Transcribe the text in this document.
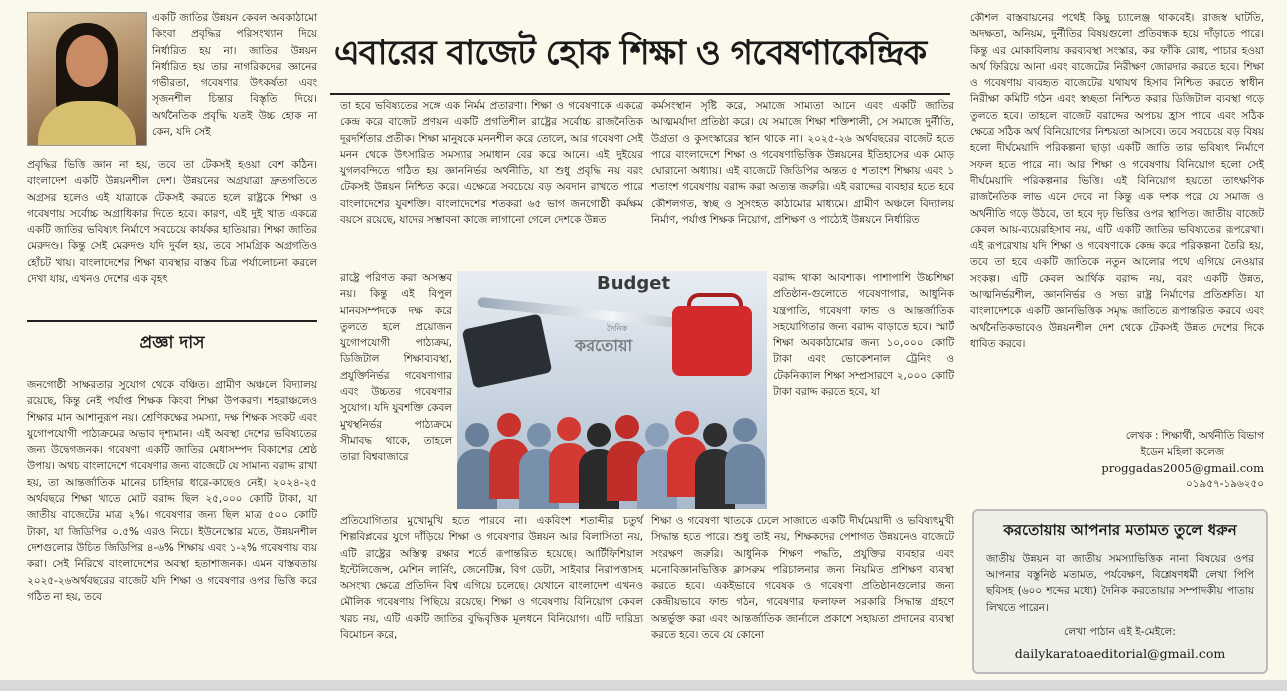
একটি জাতির উন্নয়ন কেবল অবকাঠামো কিংবা প্রবৃদ্ধির পরিসংখ্যান দিয়ে নির্ধারিত হয় না। জাতির উন্নয়ন নির্ধারিত হয় তার নাগরিকদের জ্ঞানের গভীরতা, গবেষণার উৎকর্ষতা এবং সৃজনশীল চিন্তার বিস্তৃতি দিয়ে। অর্থনৈতিক প্রবৃদ্ধি যতই উচ্চ হোক না কেন, যদি সেই
প্রবৃদ্ধির ভিত্তি জ্ঞান না হয়, তবে তা টেকসই হওয়া বেশ কঠিন। বাংলাদেশ একটি উন্নয়নশীল দেশ। উন্নয়নের অগ্রযাত্রা দ্রুতগতিতে অগ্রসর হলেও এই যাত্রাকে টেকসই করতে হলে রাষ্ট্রকে শিক্ষা ও গবেষণায় সর্বোচ্চ অগ্রাধিকার দিতে হবে। কারণ, এই দুই খাত একত্রে একটি জাতির ভবিষ্যৎ নির্মাণে সবচেয়ে কার্যকর হাতিয়ার। শিক্ষা জাতির মেরুদণ্ড। কিন্তু সেই মেরুদণ্ড যদি দুর্বল হয়, তবে সামগ্রিক অগ্রগতিও হোঁচট খায়। বাংলাদেশের শিক্ষা ব্যবস্থার বাস্তব চিত্র পর্যালোচনা করলে দেখা যায়, এখনও দেশের এক বৃহৎ
প্রজ্ঞা দাস
জনগোষ্ঠী সাক্ষরতার সুযোগ থেকে বঞ্চিত। গ্রামীণ অঞ্চলে বিদ্যালয় রয়েছে, কিন্তু নেই পর্যাপ্ত শিক্ষক কিংবা শিক্ষা উপকরণ। শহরাঞ্চলেও শিক্ষার মান আশানুরূপ নয়। শ্রেণিকক্ষের সমস্যা, দক্ষ শিক্ষক সংকট এবং যুগোপযোগী পাঠ্যক্রমের অভাব দৃশ্যমান। এই অবস্থা দেশের ভবিষ্যতের জন্য উদ্বেগজনক। গবেষণা একটি জাতির মেধাসম্পদ বিকাশের শ্রেষ্ঠ উপায়। অথচ বাংলাদেশে গবেষণার জন্য বাজেটে যে সামান্য বরাদ্দ রাখা হয়, তা আন্তর্জাতিক মানের চাহিদার ধারে-কাছেও নেই। ২০২৪-২৫ অর্থবছরে শিক্ষা খাতে মোট বরাদ্দ ছিল ২৫,০০০ কোটি টাকা, যা জাতীয় বাজেটের মাত্র ২%। গবেষণার জন্য ছিল মাত্র ৫০০ কোটি টাকা, যা জিডিপির ০.৫% এরও নিচে। ইউনেস্কোর মতে, উন্নয়নশীল দেশগুলোর উচিত জিডিপির ৪-৬% শিক্ষায় এবং ১-২% গবেষণায় ব্যয় করা। সেই নিরিখে বাংলাদেশের অবস্থা হতাশাজনক। এমন বাস্তবতায় ২০২৫-২৬অর্থবছরের বাজেট যদি শিক্ষা ও গবেষণার ওপর ভিত্তি করে গঠিত না হয়, তবে
এবারের বাজেট হোক শিক্ষা ও গবেষণাকেন্দ্রিক
তা হবে ভবিষ্যতের সঙ্গে এক নির্মম প্রতারণা। শিক্ষা ও গবেষণাকে একত্রে কেন্দ্র করে বাজেট প্রণয়ন একটি প্রগতিশীল রাষ্ট্রের সর্বোচ্চ রাজনৈতিক দূরদর্শিতার প্রতীক। শিক্ষা মানুষকে মননশীল করে তোলে, আর গবেষণা সেই মনন থেকে উৎসারিত সমস্যার সমাধান বের করে আনে। এই দুইয়ের যুগলবন্দিতে গঠিত হয় জ্ঞাননির্ভর অর্থনীতি, যা শুধু প্রবৃদ্ধি নয় বরং টেকসই উন্নয়ন নিশ্চিত করে। এক্ষেত্রে সবচেয়ে বড় অবদান রাখতে পারে বাংলাদেশের যুবশক্তি। বাংলাদেশের শতকরা ৬৫ ভাগ জনগোষ্ঠী কর্মক্ষম বয়সে রয়েছে, যাদের সম্ভাবনা কাজে লাগানো গেলে দেশকে উন্নত
রাষ্ট্রে পরিণত করা অসম্ভব নয়। কিন্তু এই বিপুল মানবসম্পদকে দক্ষ করে তুলতে হলে প্রয়োজন যুগোপযোগী পাঠ্যক্রম, ডিজিটাল শিক্ষাব্যবস্থা, প্রযুক্তিনির্ভর গবেষণাগার এবং উচ্চতর গবেষণার সুযোগ। যদি যুবশক্তি কেবল মুখস্থনির্ভর পাঠ্যক্রমে সীমাবদ্ধ থাকে, তাহলে তারা বিশ্ববাজারে
প্রতিযোগিতার মুখোমুখি হতে পারবে না। একবিংশ শতাব্দীর চতুর্থ শিল্পবিপ্লবের যুগে দাঁড়িয়ে শিক্ষা ও গবেষণার উন্নয়ন আর বিলাসিতা নয়, এটি রাষ্ট্রের অস্তিত্ব রক্ষার শর্তে রূপান্তরিত হয়েছে। আর্টিফিশিয়াল ইন্টেলিজেন্স, মেশিন লার্নিং, জেনেটিক্স, বিগ ডেটা, সাইবার নিরাপত্তাসহ অসংখ্য ক্ষেত্রে প্রতিদিন বিশ্ব এগিয়ে চলেছে। যেখানে বাংলাদেশ এখনও মৌলিক গবেষণায় পিছিয়ে রয়েছে। শিক্ষা ও গবেষণায় বিনিয়োগ কেবল খরচ নয়, এটি একটি জাতির বুদ্ধিবৃত্তিক মূলধনে বিনিয়োগ। এটি দারিদ্র্য বিমোচন করে,
কর্মসংস্থান সৃষ্টি করে, সমাজে সাম্যতা আনে এবং একটি জাতির আত্মমর্যাদা প্রতিষ্ঠা করে। যে সমাজে শিক্ষা শক্তিশালী, সে সমাজে দুর্নীতি, উগ্রতা ও কুসংস্কারের স্থান থাকে না। ২০২৫-২৬ অর্থবছরের বাজেট হতে পারে বাংলাদেশে শিক্ষা ও গবেষণাভিত্তিক উন্নয়নের ইতিহাসের এক মোড় ঘোরানো অধ্যায়। এই বাজেটে জিডিপির অন্তত ৫ শতাংশ শিক্ষায় এবং ১ শতাংশ গবেষণায় বরাদ্দ করা অত্যন্ত জরুরি। এই বরাদ্দের ব্যবহার হতে হবে কৌশলগত, স্বচ্ছ ও সুসংহত কাঠামোর মাধ্যমে। গ্রামীণ অঞ্চলে বিদ্যালয় নির্মাণ, পর্যাপ্ত শিক্ষক নিয়োগ, প্রশিক্ষণ ও পাঠ্যেই উন্নয়নে নির্ধারিত
বরাদ্দ থাকা আবশ্যক। পাশাপাশি উচ্চশিক্ষা প্রতিষ্ঠান-গুলোতে গবেষণাগার, আধুনিক যন্ত্রপাতি, গবেষণা ফান্ড ও আন্তর্জাতিক সহযোগিতার জন্য বরাদ্দ বাড়াতে হবে। স্মার্ট শিক্ষা অবকাঠামোর জন্য ১০,০০০ কোটি টাকা এবং ভোকেশনাল ট্রেনিং ও টেকনিক্যাল শিক্ষা সম্প্রসারণে ২,০০০ কোটি টাকা বরাদ্দ করতে হবে, যা
শিক্ষা ও গবেষণা খাতকে ঢেলে সাজাতে একটি দীর্ঘমেয়াদী ও ভবিষ্যৎমুখী সিদ্ধান্ত হতে পারে। শুধু তাই নয়, শিক্ষকদের পেশাগত উন্নয়নেও বাজেটে সংরক্ষণ জরুরি। আধুনিক শিক্ষণ পদ্ধতি, প্রযুক্তির ব্যবহার এবং মনোবিজ্ঞানভিত্তিক ক্লাসরুম পরিচালনার জন্য নিয়মিত প্রশিক্ষণ ব্যবস্থা করতে হবে। একইভাবে গবেষক ও গবেষণা প্রতিষ্ঠানগুলোর জন্য কেন্দ্রীয়ভাবে ফান্ড গঠন, গবেষণার ফলাফল সরকারি সিদ্ধান্ত গ্রহণে অন্তর্ভুক্ত করা এবং আন্তর্জাতিক জার্নালে প্রকাশে সহায়তা প্রদানের ব্যবস্থা করতে হবে। তবে যে কোনো
Budget
দৈনিক
করতোয়া
কৌশল বাস্তবায়নের পথেই কিছু চ্যালেঞ্জ থাকবেই। রাজস্ব ঘাটতি, অদক্ষতা, অনিয়ম, দুর্নীতির বিষয়গুলো প্রতিবন্ধক হয়ে দাঁড়াতে পারে। কিন্তু এর মোকাবিলায় করব্যবস্থা সংস্কার, কর ফাঁকি রোধ, পাচার হওয়া অর্থ ফিরিয়ে আনা এবং বাজেটের নিরীক্ষণ জোরদার করতে হবে। শিক্ষা ও গবেষণায় ব্যবহৃত বাজেটের যথাযথ হিসাব নিশ্চিত করতে স্বাধীন নিরীক্ষা কমিটি গঠন এবং স্বচ্ছতা নিশ্চিত করার ডিজিটাল ব্যবস্থা গড়ে তুলতে হবে। তাহলে বাজেট বরাদ্দের অপচয় হ্রাস পাবে এবং সঠিক ক্ষেত্রে সঠিক অর্থ বিনিয়োগের নিশ্চয়তা আসবে। তবে সবচেয়ে বড় বিষয় হলো দীর্ঘমেয়াদি পরিকল্পনা ছাড়া একটি জাতি তার ভবিষ্যৎ নির্মাণে সফল হতে পারে না। আর শিক্ষা ও গবেষণায় বিনিয়োগ হলো সেই দীর্ঘমেয়াদি পরিকল্পনার ভিত্তি। এই বিনিয়োগ হয়তো তাৎক্ষণিক রাজনৈতিক লাভ এনে দেবে না কিন্তু এক দশক পরে যে সমাজ ও অর্থনীতি গড়ে উঠবে, তা হবে দৃঢ় ভিত্তির ওপর স্থাপিত। জাতীয় বাজেট কেবল আয়-ব্যয়েরহিসাব নয়, এটি একটি জাতির ভবিষ্যতের রূপরেখা। এই রূপরেখায় যদি শিক্ষা ও গবেষণাকে কেন্দ্র করে পরিকল্পনা তৈরি হয়, তবে তা হবে একটি জাতিকে নতুন আলোর পথে এগিয়ে নেওয়ার সংকল্প। এটি কেবল আর্থিক বরাদ্দ নয়, বরং একটি উন্নত, আত্মনির্ভরশীল, জ্ঞাননির্ভর ও সভ্য রাষ্ট্র নির্মাণের প্রতিশ্রুতি। যা বাংলাদেশকে একটি জ্ঞানভিত্তিক সমৃদ্ধ জাতিতে রূপান্তরিত করবে এবং অর্থনৈতিকভাবেও উন্নয়নশীল দেশ থেকে টেকসই উন্নত দেশের দিকে ধাবিত করবে।
লেখক : শিক্ষার্থী, অর্থনীতি বিভাগ
ইডেন মহিলা কলেজ
proggadas2005@gmail.com
০১৯৫৭-১৯৬২৫০
করতোয়ায় আপনার মতামত তুলে ধরুন
জাতীয় উন্নয়ন বা জাতীয় সমস্যাভিত্তিক নানা বিষয়ের ওপর আপনার বস্তুনিষ্ঠ মতামত, পর্যবেক্ষণ, বিশ্লেষণধর্মী লেখা পিপি ছবিসহ (৬০০ শব্দের মধ্যে) দৈনিক করতোয়ার সম্পাদকীয় পাতায় লিখতে পারেন।
লেখা পাঠান এই ই-মেইলে:
dailykaratoaeditorial@gmail.com
